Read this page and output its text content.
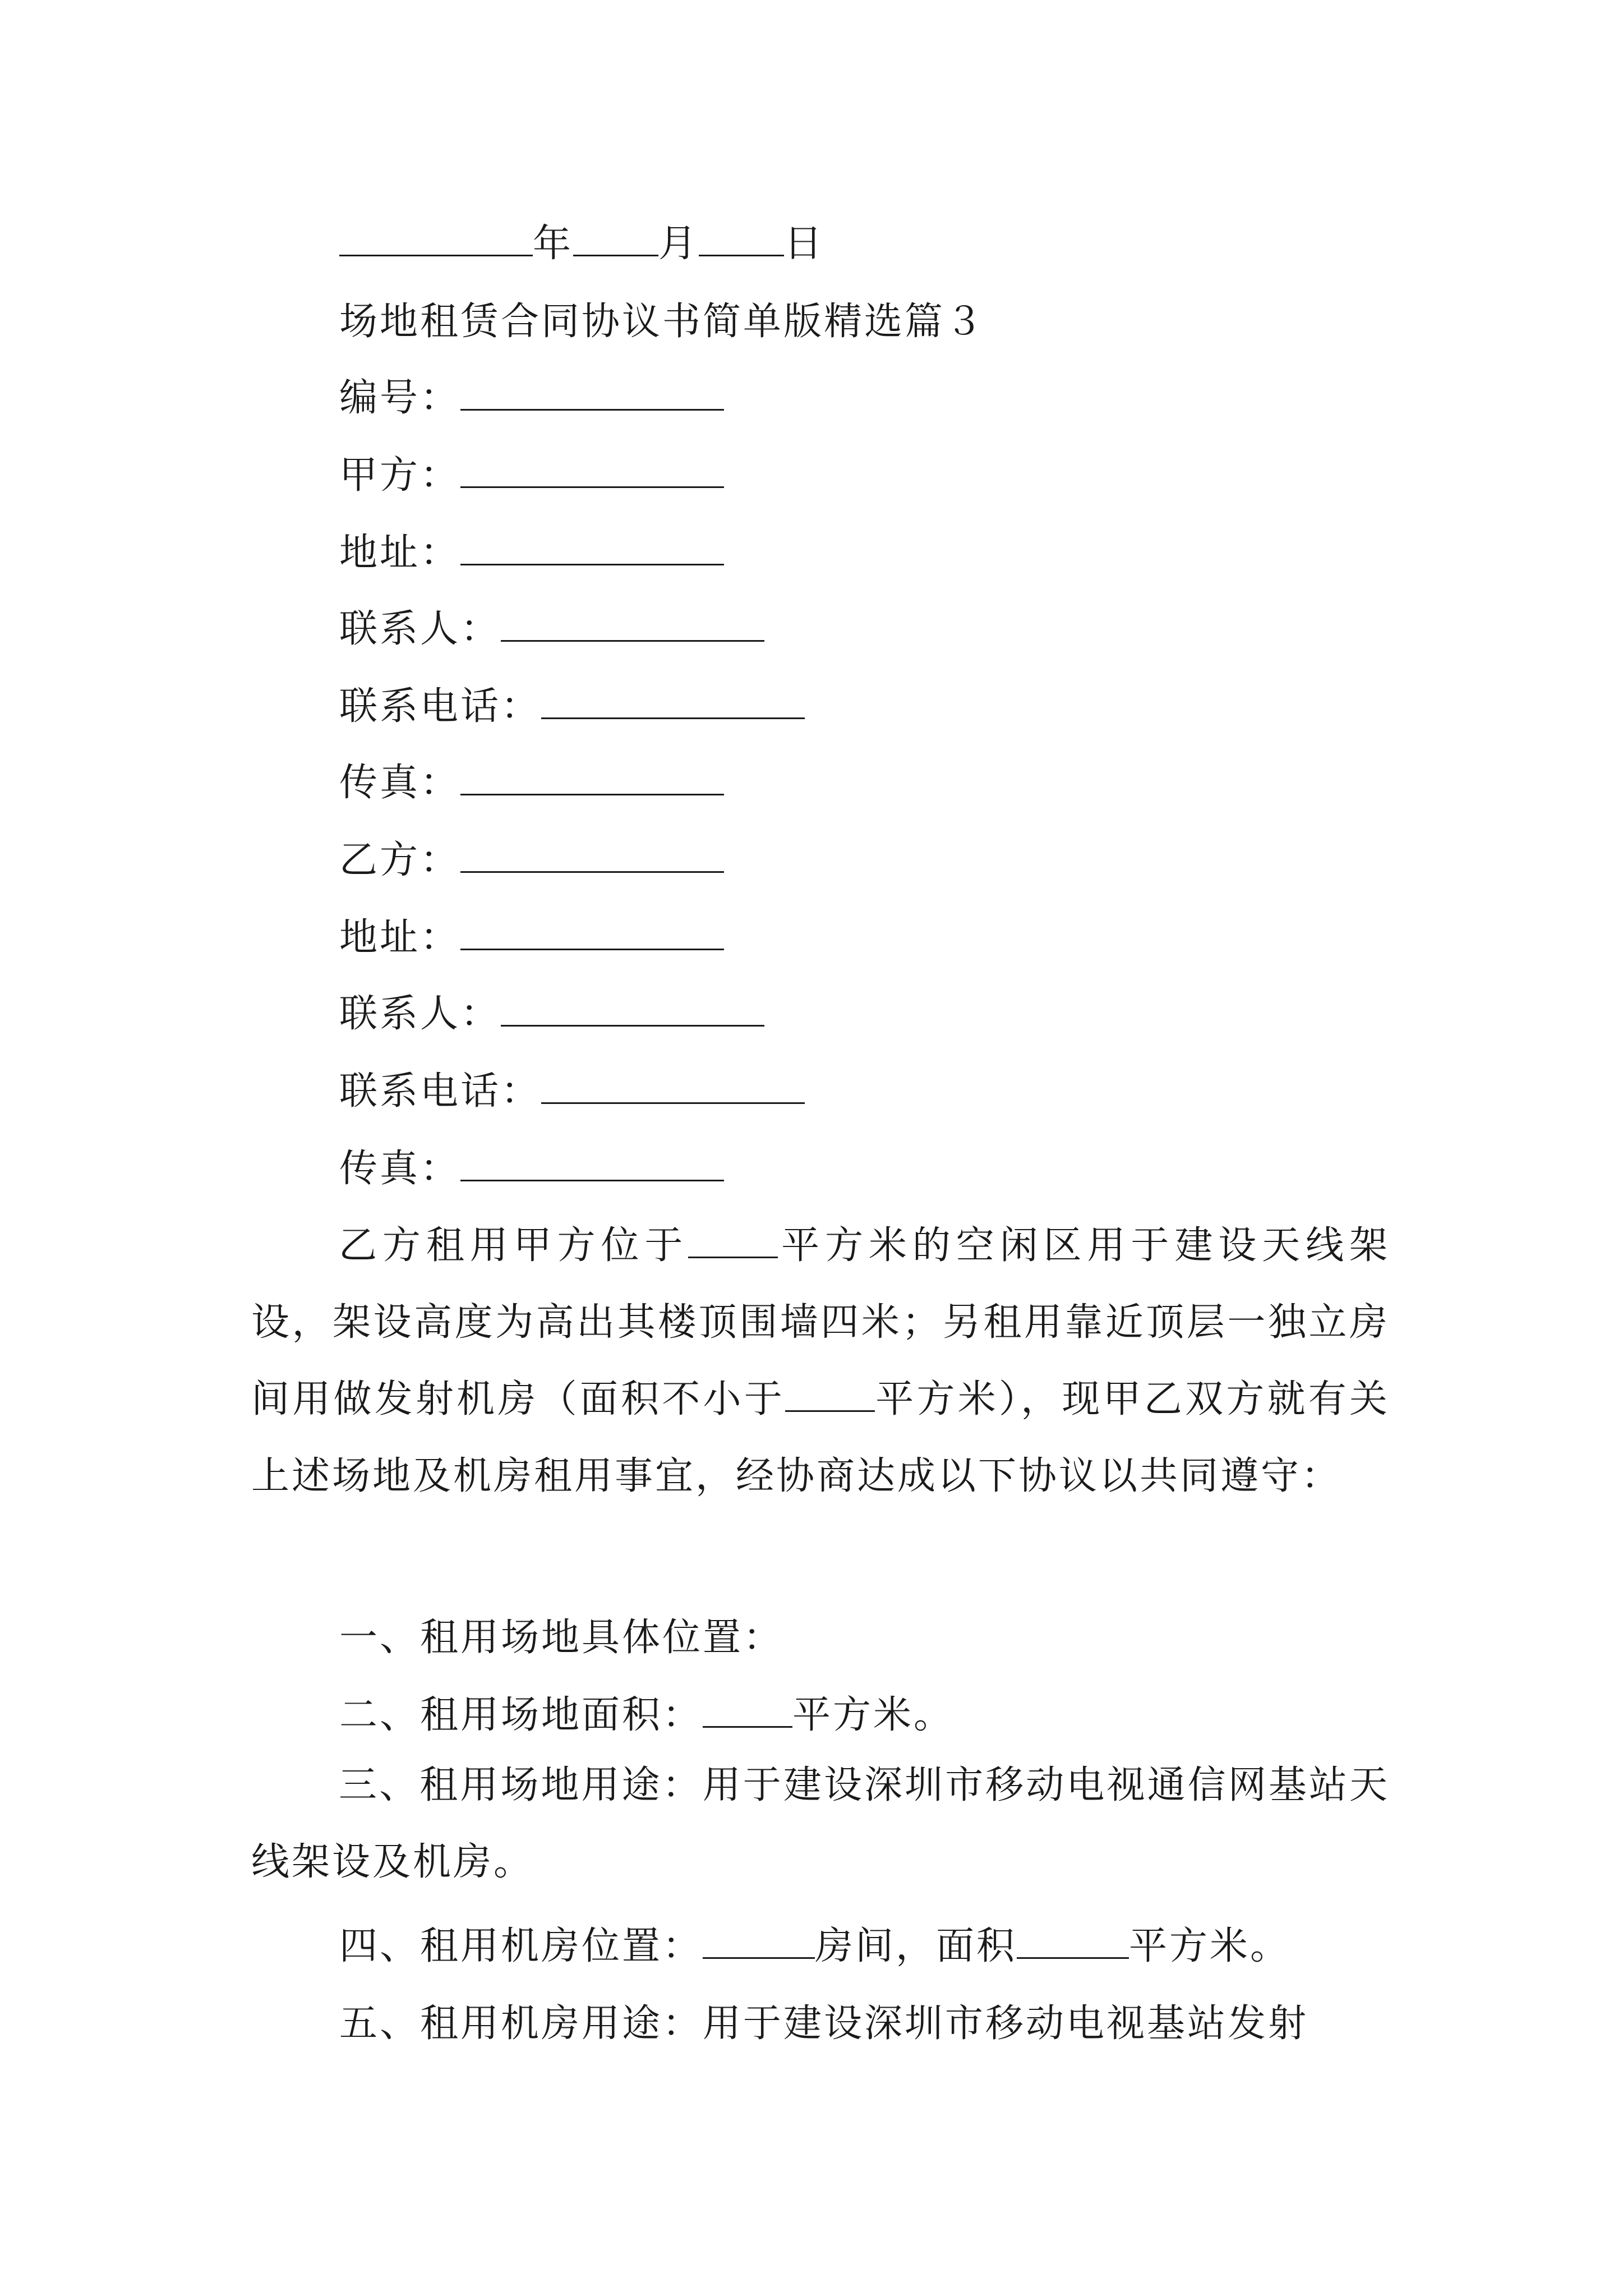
年 月 日
场地租赁合同协议书简单版精选篇３
编号：
甲方：
地址：
联系人：
联系电话：
传真：
乙方：
地址：
联系人：
联系电话：
传真：
乙方租用甲方位于 平方米的空闲区用于建设天线架设，架设高度为高出其楼顶围墙四米；另租用靠近顶层一独立房间用做发射机房（面积不小于 平方米），现甲乙双方就有关上述场地及机房租用事宜，经协商达成以下协议以共同遵守：
一、租用场地具体位置：
二、租用场地面积： 平方米。
三、租用场地用途：用于建设深圳市移动电视通信网基站天线架设及机房。
四、租用机房位置：	房间，面积	平方米。
五、租用机房用途：用于建设深圳市移动电视基站发射
